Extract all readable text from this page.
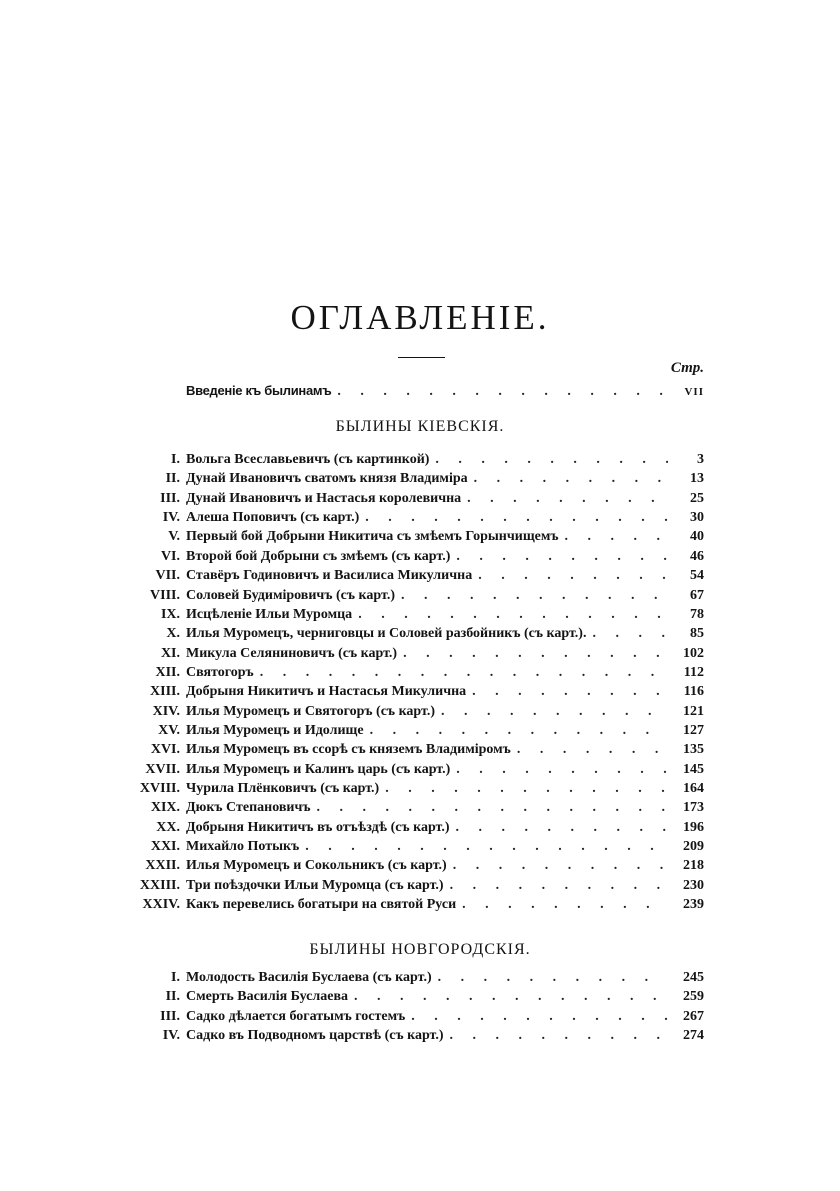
ОГЛАВЛЕНІЕ.
Стр.
Введеніе къ былинамъ . . .	VII
БЫЛИНЫ КІЕВСКІЯ.
I. Вольга Всеславьевичъ (съ картинкой) . . .	3
II. Дунай Ивановичъ сватомъ князя Владиміра . . .	13
III. Дунай Ивановичъ и Настасья королевична . . .	25
IV. Алеша Поповичъ (съ карт.) . . .	30
V. Первый бой Добрыни Никитича съ змѣемъ Горынчищемъ . . .	40
VI. Второй бой Добрыни съ змѣемъ (съ карт.) . . .	46
VII. Ставёръ Годиновичъ и Василиса Микулична . . .	54
VIII. Соловей Будиміровичъ (съ карт.) . . .	67
IX. Исцѣленіе Ильи Муромца . . .	78
X. Илья Муромецъ, черниговцы и Соловей разбойникъ (съ карт.). . . .	85
XI. Микула Селяниновичъ (съ карт.) . . .	102
XII. Святогоръ . . .	112
XIII. Добрыня Никитичъ и Настасья Микулична . . .	116
XIV. Илья Муромецъ и Святогоръ (съ карт.) . . .	121
XV. Илья Муромецъ и Идолище . . .	127
XVI. Илья Муромецъ въ ссорѣ съ княземъ Владиміромъ . . .	135
XVII. Илья Муромецъ и Калинъ царь (съ карт.) . . .	145
XVIII. Чурила Плёнковичъ (съ карт.) . . .	164
XIX. Дюкъ Степановичъ . . .	173
XX. Добрыня Никитичъ въ отъѣздѣ (съ карт.) . . .	196
XXI. Михайло Потыкъ . . .	209
XXII. Илья Муромецъ и Сокольникъ (съ карт.) . . .	218
XXIII. Три поѣздочки Ильи Муромца (съ карт.) . . .	230
XXIV. Какъ перевелись богатыри на святой Руси . . .	239
БЫЛИНЫ НОВГОРОДСКІЯ.
I. Молодость Василія Буслаева (съ карт.) . . .	245
II. Смерть Василія Буслаева . . .	259
III. Садко дѣлается богатымъ гостемъ . . .	267
IV. Садко въ Подводномъ царствѣ (съ карт.) . . .	274
